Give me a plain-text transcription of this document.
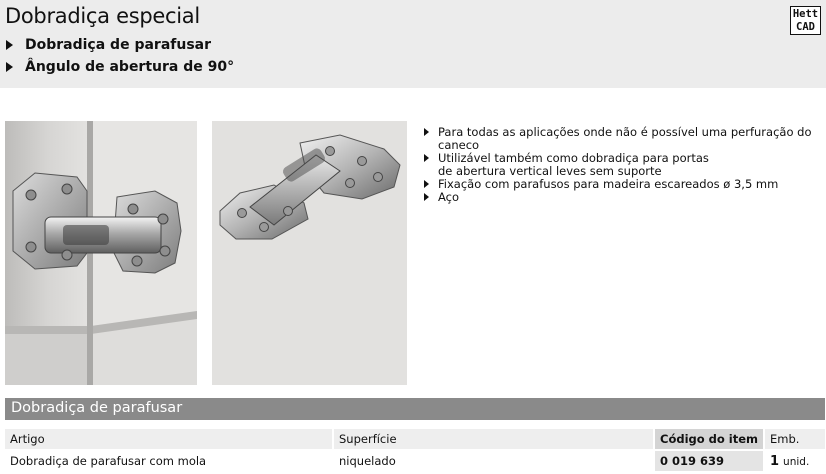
Dobradiça especial
Dobradiça de parafusar
Ângulo de abertura de 90°
Hett
CAD
Para todas as aplicações onde não é possível uma perfuração do caneco
Utilizável também como dobradiça para portas
de abertura vertical leves sem suporte
Fixação com parafusos para madeira escareados ø 3,5 mm
Aço
Dobradiça de parafusar
Artigo	Superfície	Código do item	Emb.
Dobradiça de parafusar com mola	niquelado	0 019 639	1 unid.
